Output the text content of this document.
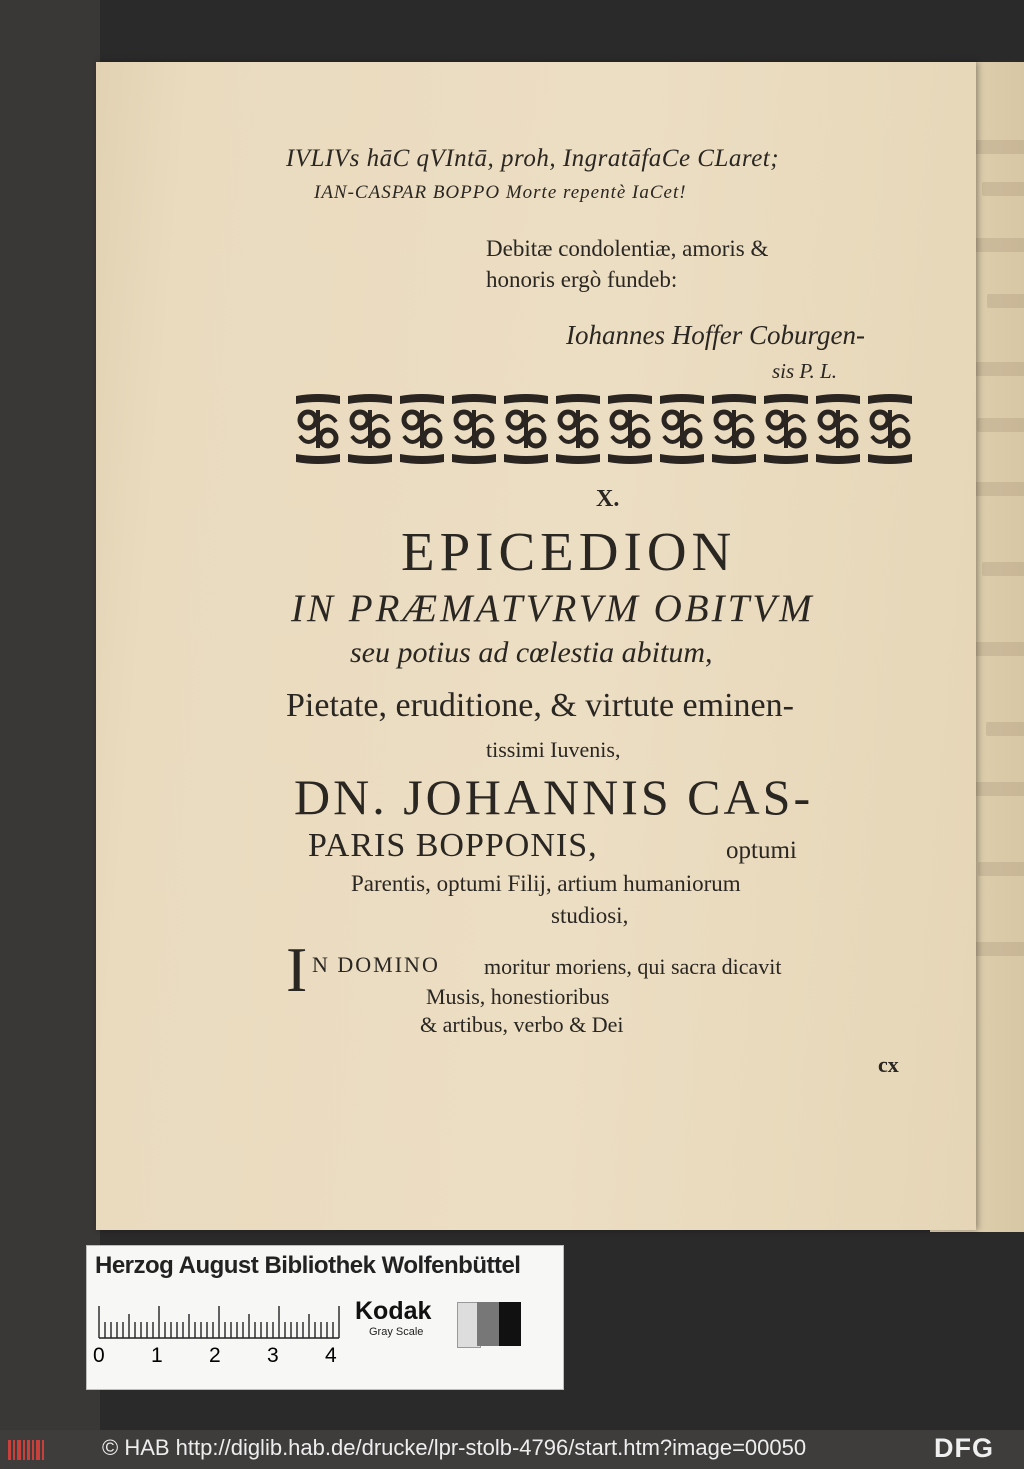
IVLIVs hāC qVIntā, proh, IngratāfaCe CLaret;
IAN-CASPAR BOPPO Morte repentè IaCet!
Debitæ condolentiæ, amoris &
honoris ergò fundeb:
Iohannes Hoffer Coburgen-
sis P. L.
X.
EPICEDION
IN PRÆMATVRVM OBITVM
seu potius ad cœlestia abitum,
Pietate, eruditione, & virtute eminen-
tissimi Iuvenis,
DN. JOHANNIS CAS-
PARIS BOPPONIS,	optumi
Parentis, optumi Filij, artium humaniorum
studiosi,
I N DOMINO moritur moriens, qui sacra dicavit
Musis, honestioribus
& artibus, verbo & Dei
cx
Herzog August Bibliothek Wolfenbüttel
0 1 2 3 4
Kodak
Gray Scale
© HAB http://diglib.hab.de/drucke/lpr-stolb-4796/start.htm?image=00050	DFG
